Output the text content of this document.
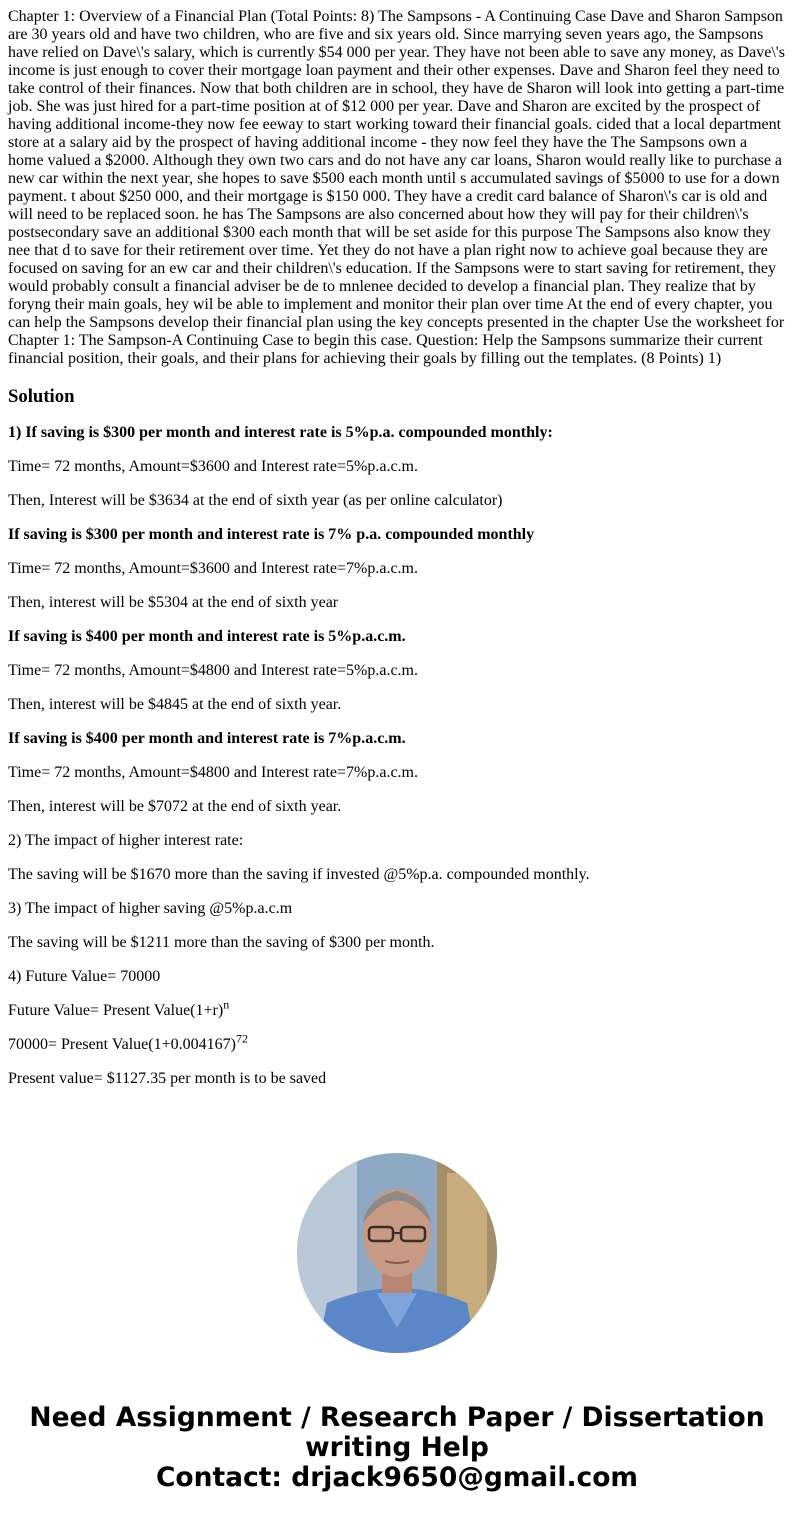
Chapter 1: Overview of a Financial Plan (Total Points: 8) The Sampsons - A Continuing Case Dave and Sharon Sampson are 30 years old and have two children, who are five and six years old. Since marrying seven years ago, the Sampsons have relied on Dave\'s salary, which is currently $54 000 per year. They have not been able to save any money, as Dave\'s income is just enough to cover their mortgage loan payment and their other expenses. Dave and Sharon feel they need to take control of their finances. Now that both children are in school, they have de Sharon will look into getting a part-time job. She was just hired for a part-time position at of $12 000 per year. Dave and Sharon are excited by the prospect of having additional income-they now fee eeway to start working toward their financial goals. cided that a local department store at a salary aid by the prospect of having additional income - they now feel they have the The Sampsons own a home valued a $2000. Although they own two cars and do not have any car loans, Sharon would really like to purchase a new car within the next year, she hopes to save $500 each month until s accumulated savings of $5000 to use for a down payment. t about $250 000, and their mortgage is $150 000. They have a credit card balance of Sharon\'s car is old and will need to be replaced soon. he has The Sampsons are also concerned about how they will pay for their children\'s postsecondary save an additional $300 each month that will be set aside for this purpose The Sampsons also know they nee that d to save for their retirement over time. Yet they do not have a plan right now to achieve goal because they are focused on saving for an ew car and their children\'s education. If the Sampsons were to start saving for retirement, they would probably consult a financial adviser be de to mnlenee decided to develop a financial plan. They realize that by foryng their main goals, hey wil be able to implement and monitor their plan over time At the end of every chapter, you can help the Sampsons develop their financial plan using the key concepts presented in the chapter Use the worksheet for Chapter 1: The Sampson-A Continuing Case to begin this case. Question: Help the Sampsons summarize their current financial position, their goals, and their plans for achieving their goals by filling out the templates. (8 Points) 1)
Solution
1) If saving is $300 per month and interest rate is 5%p.a. compounded monthly:
Time= 72 months, Amount=$3600 and Interest rate=5%p.a.c.m.
Then, Interest will be $3634 at the end of sixth year (as per online calculator)
If saving is $300 per month and interest rate is 7% p.a. compounded monthly
Time= 72 months, Amount=$3600 and Interest rate=7%p.a.c.m.
Then, interest will be $5304 at the end of sixth year
If saving is $400 per month and interest rate is 5%p.a.c.m.
Time= 72 months, Amount=$4800 and Interest rate=5%p.a.c.m.
Then, interest will be $4845 at the end of sixth year.
If saving is $400 per month and interest rate is 7%p.a.c.m.
Time= 72 months, Amount=$4800 and Interest rate=7%p.a.c.m.
Then, interest will be $7072 at the end of sixth year.
2) The impact of higher interest rate:
The saving will be $1670 more than the saving if invested @5%p.a. compounded monthly.
3) The impact of higher saving @5%p.a.c.m
The saving will be $1211 more than the saving of $300 per month.
4) Future Value= 70000
Future Value= Present $Value(1+r)^n$
70000= Present $Value(1+0.004167)^{72}$
Present value= $1127.35 per month is to be saved
Need Assignment / Research Paper / Dissertation
writing Help
Contact: drjack9650@gmail.com
